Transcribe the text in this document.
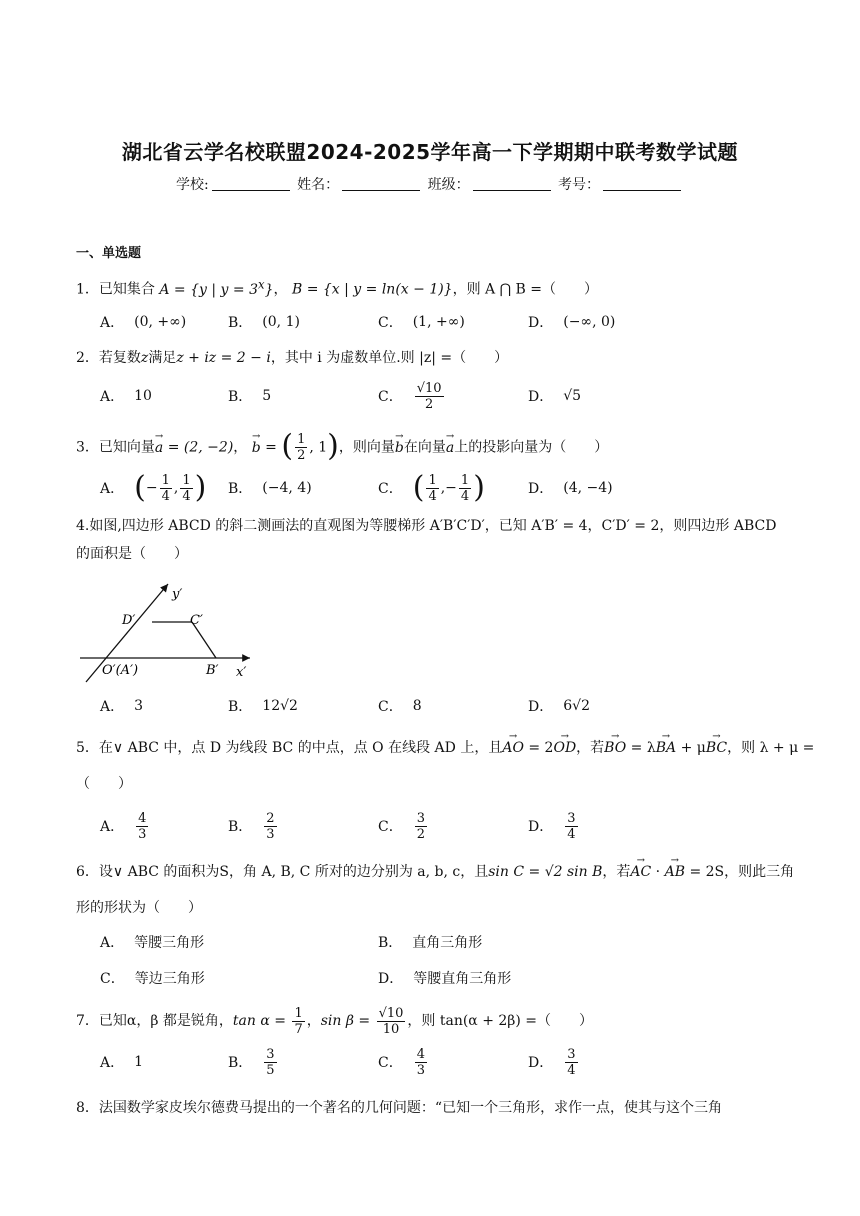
湖北省云学名校联盟2024-2025学年高一下学期期中联考数学试题
学校:	姓名：	班级：	考号：
一、单选题
1．已知集合 A = {y | $y = 3^x$}， B = {x | y = ln(x − 1)}，则 A ⋂ B =（　　）
A． (0, +∞)	B． (0, 1)	C． (1, +∞)	D． (−∞, 0)
2．若复数z满足z + iz = 2 − i，其中 i 为虚数单位.则 |z| =（　　）
A． 10	B． 5	C． $\frac{√10}{2}$	D． √5
3．已知向量→ a = (2, −2)， → b = ( $\frac{1}{2}$ , 1)，则向量→ b在向量→ a上的投影向量为（　　）
A． ( − $\frac{1}{4}$ , $\frac{1}{4}$ ) B． (−4, 4)	C． ( $\frac{1}{4}$ ,− $\frac{1}{4}$ )	D． (4, −4)
4.如图,四边形 ABCD 的斜二测画法的直观图为等腰梯形 A′B′C′D′，已知 A′B′ = 4，C′D′ = 2，则四边形 ABCD
的面积是（　　）
y′
x′
D′	C′
O′(A′)	B′
A． 3	B． 12√2	C． 8	D． 6√2
5．在∨ ABC 中，点 D 为线段 BC 的中点，点 O 在线段 AD 上，且→ AO = 2→ OD，若→ BO = λ→ BA + μ→ BC，则 λ + μ =
（　　）
A． $\frac{4}{3}$	B． $\frac{2}{3}$	C． $\frac{3}{2}$	D． $\frac{3}{4}$
6．设∨ ABC 的面积为S，角 A, B, C 所对的边分别为 a, b, c，且sin C = √2 sin B，若→ AC · → AB = 2S，则此三角
形的形状为（　　）
A． 等腰三角形	B． 直角三角形
C． 等边三角形	D． 等腰直角三角形
7．已知α，β 都是锐角，$\tan \alpha = \frac{1}{7}$ ，$\sin \beta = \frac{√10}{10}$ ，则 tan(α + 2β) =（　　）
A． 1	B． $\frac{3}{5}$	C． $\frac{4}{3}$	D． $\frac{3}{4}$
8．法国数学家皮埃尔德费马提出的一个著名的几何问题：“已知一个三角形，求作一点，使其与这个三角
